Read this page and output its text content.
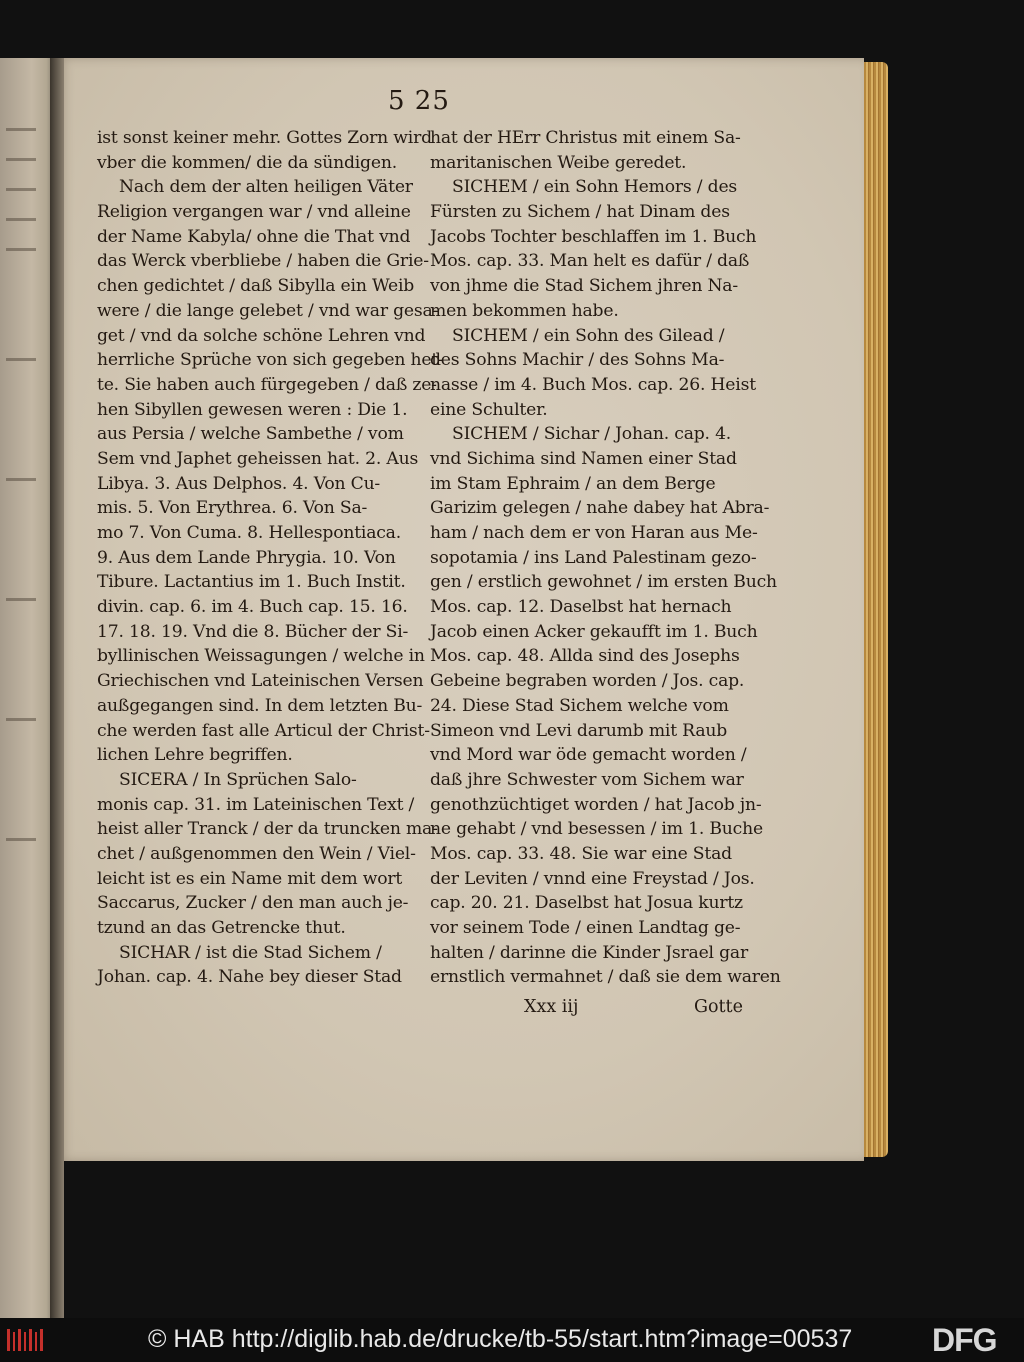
5 25
ist sonst keiner mehr. Gottes Zorn wird
vber die kommen/ die da sündigen.
Nach dem der alten heiligen Väter
Religion vergangen war / vnd alleine
der Name Kabyla/ ohne die That vnd
das Werck vberbliebe / haben die Grie-
chen gedichtet / daß Sibylla ein Weib
were / die lange gelebet / vnd war gesa-
get / vnd da solche schöne Lehren vnd
herrliche Sprüche von sich gegeben het-
te. Sie haben auch fürgegeben / daß ze-
hen Sibyllen gewesen weren : Die 1.
aus Persia / welche Sambethe / vom
Sem vnd Japhet geheissen hat. 2. Aus
Libya. 3. Aus Delphos. 4. Von Cu-
mis. 5. Von Erythrea. 6. Von Sa-
mo 7. Von Cuma. 8. Hellespontiaca.
9. Aus dem Lande Phrygia. 10. Von
Tibure. Lactantius im 1. Buch Instit.
divin. cap. 6. im 4. Buch cap. 15. 16.
17. 18. 19. Vnd die 8. Bücher der Si-
byllinischen Weissagungen / welche in
Griechischen vnd Lateinischen Versen
außgegangen sind. In dem letzten Bu-
che werden fast alle Articul der Christ-
lichen Lehre begriffen.
SICERA / In Sprüchen Salo-
monis cap. 31. im Lateinischen Text /
heist aller Tranck / der da truncken ma-
chet / außgenommen den Wein / Viel-
leicht ist es ein Name mit dem wort
Saccarus, Zucker / den man auch je-
tzund an das Getrencke thut.
SICHAR / ist die Stad Sichem /
Johan. cap. 4. Nahe bey dieser Stad
hat der HErr Christus mit einem Sa-
maritanischen Weibe geredet.
SICHEM / ein Sohn Hemors / des
Fürsten zu Sichem / hat Dinam des
Jacobs Tochter beschlaffen im 1. Buch
Mos. cap. 33. Man helt es dafür / daß
von jhme die Stad Sichem jhren Na-
men bekommen habe.
SICHEM / ein Sohn des Gilead /
des Sohns Machir / des Sohns Ma-
nasse / im 4. Buch Mos. cap. 26. Heist
eine Schulter.
SICHEM / Sichar / Johan. cap. 4.
vnd Sichima sind Namen einer Stad
im Stam Ephraim / an dem Berge
Garizim gelegen / nahe dabey hat Abra-
ham / nach dem er von Haran aus Me-
sopotamia / ins Land Palestinam gezo-
gen / erstlich gewohnet / im ersten Buch
Mos. cap. 12. Daselbst hat hernach
Jacob einen Acker gekaufft im 1. Buch
Mos. cap. 48. Allda sind des Josephs
Gebeine begraben worden / Jos. cap.
24. Diese Stad Sichem welche vom
Simeon vnd Levi darumb mit Raub
vnd Mord war öde gemacht worden /
daß jhre Schwester vom Sichem war
genothzüchtiget worden / hat Jacob jn-
ne gehabt / vnd besessen / im 1. Buche
Mos. cap. 33. 48. Sie war eine Stad
der Leviten / vnnd eine Freystad / Jos.
cap. 20. 21. Daselbst hat Josua kurtz
vor seinem Tode / einen Landtag ge-
halten / darinne die Kinder Jsrael gar
ernstlich vermahnet / daß sie dem waren
Xxx iij	Gotte
© HAB http://diglib.hab.de/drucke/tb-55/start.htm?image=00537 DFG
